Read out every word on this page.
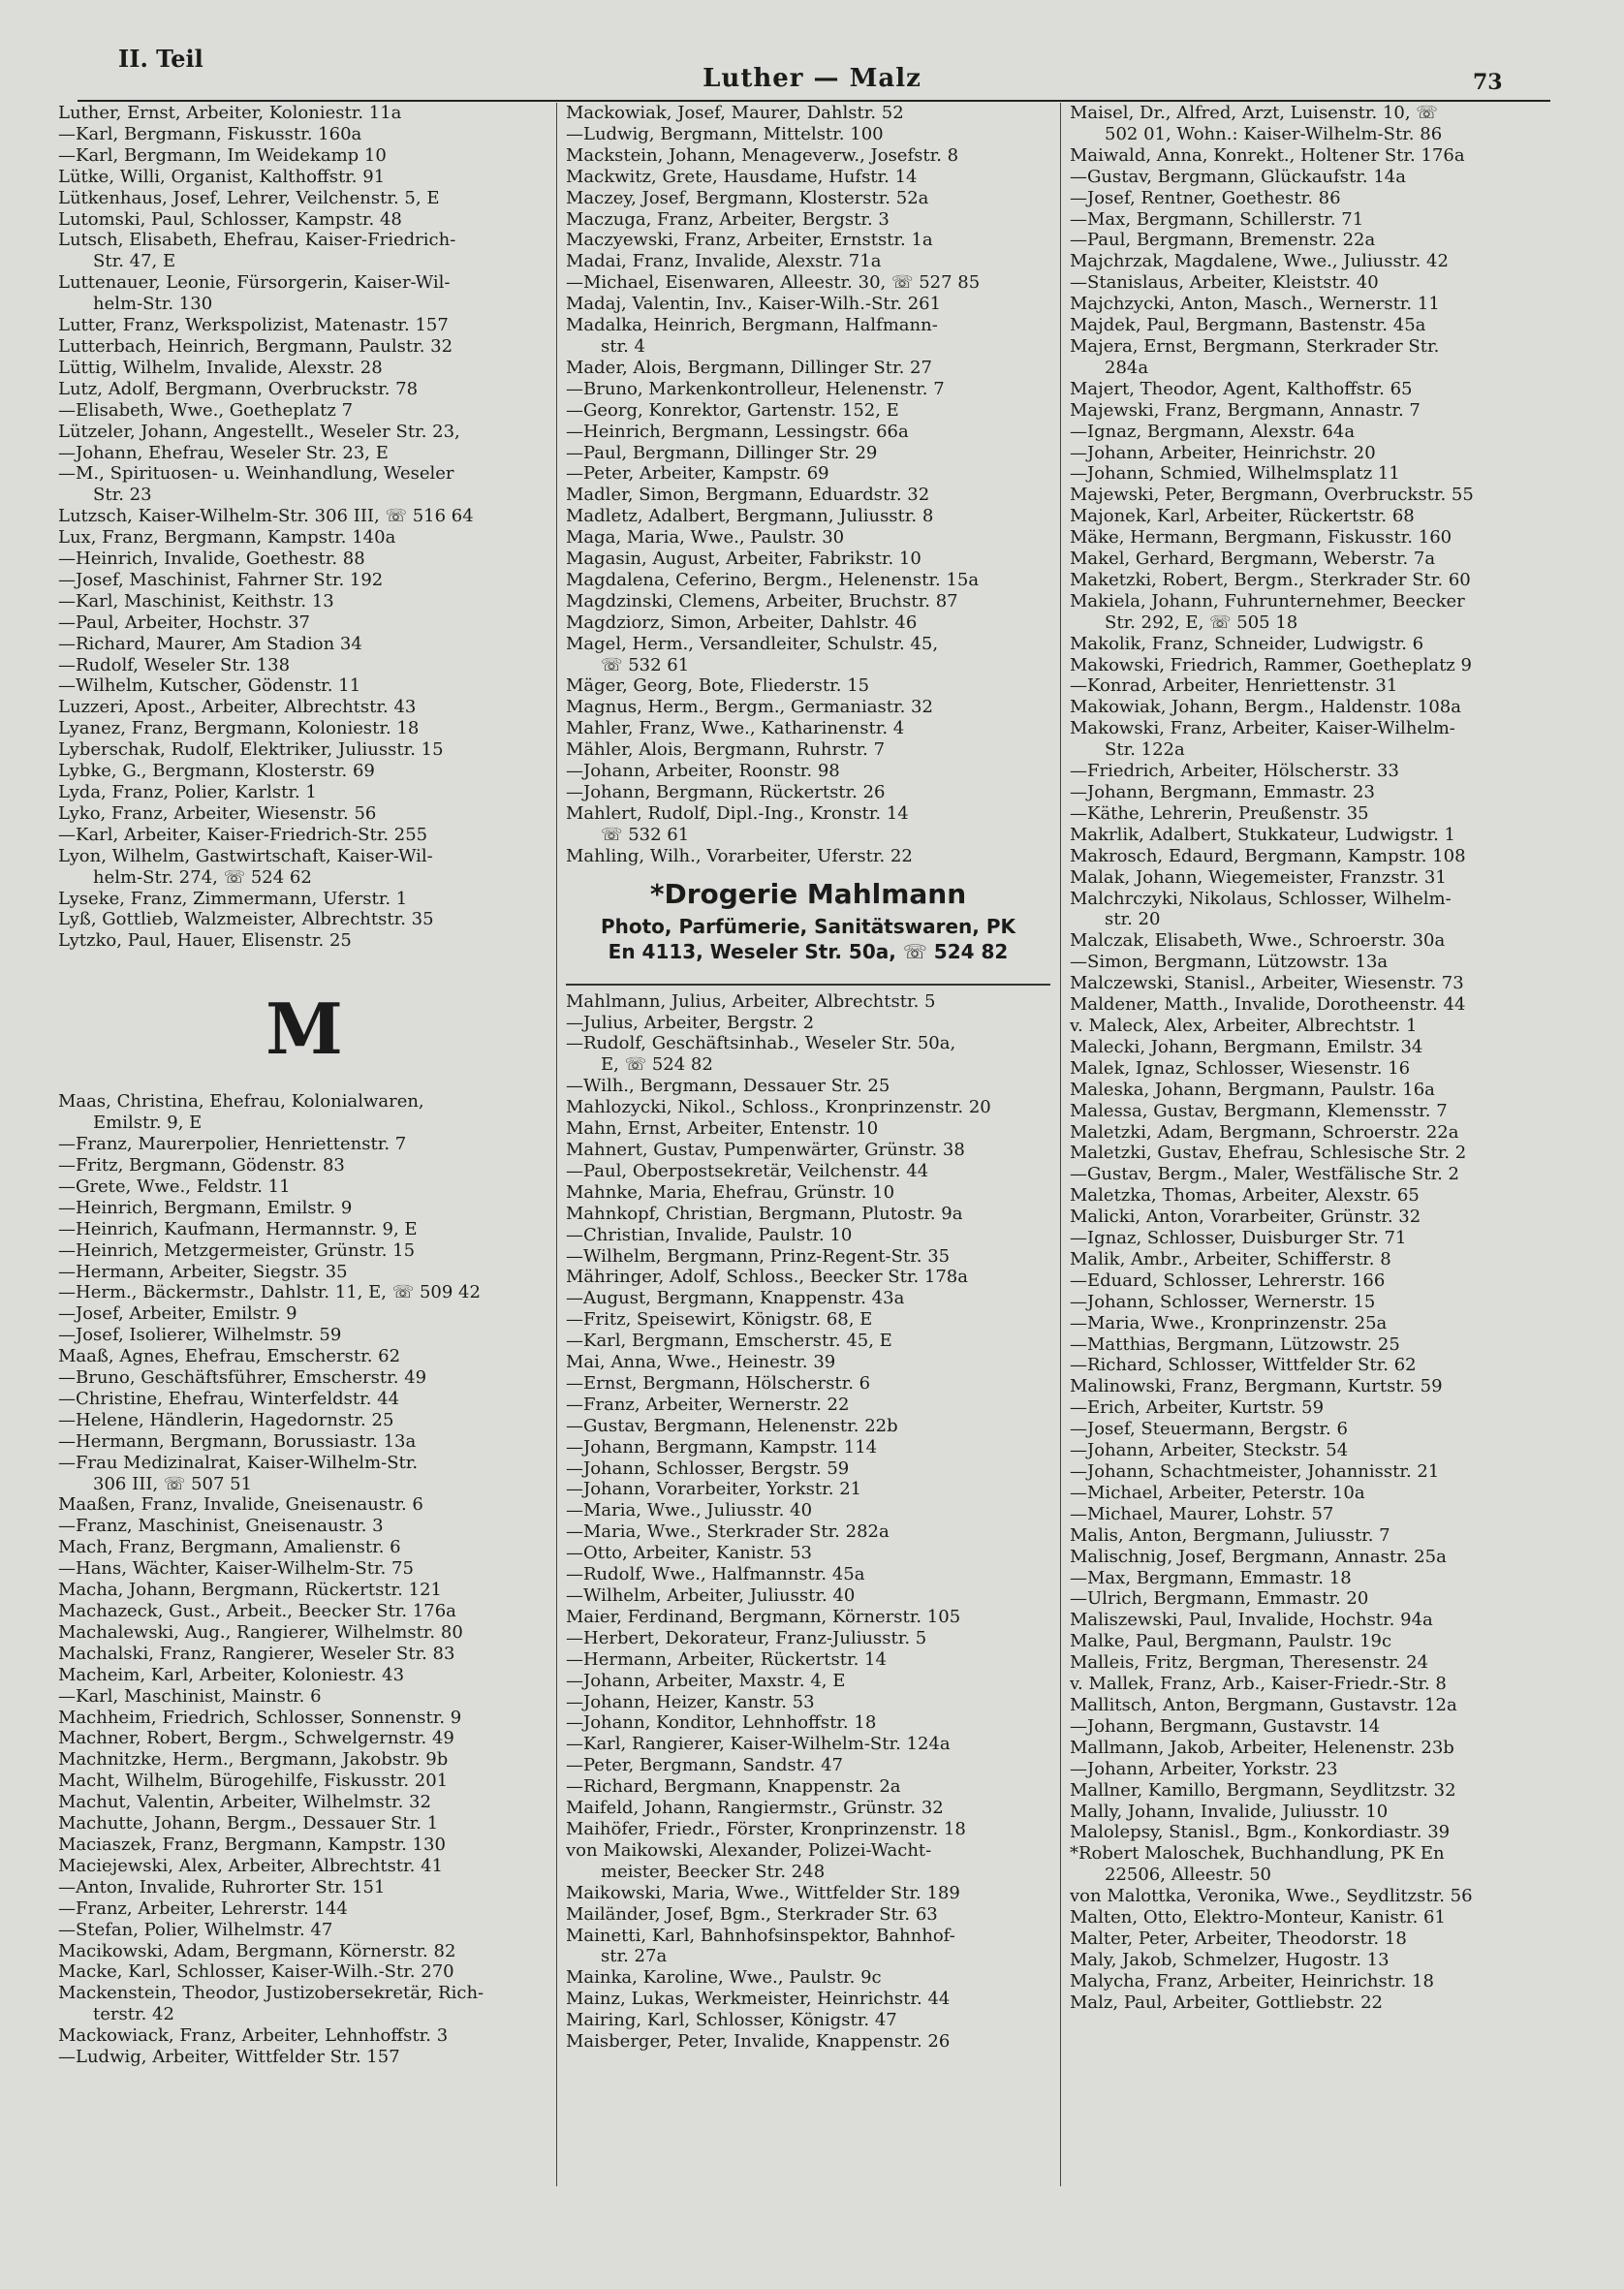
II. Teil
Luther — Malz	73
Luther, Ernst, Arbeiter, Koloniestr. 11a
—Karl, Bergmann, Fiskusstr. 160a
—Karl, Bergmann, Im Weidekamp 10
Lütke, Willi, Organist, Kalthoffstr. 91
Lütkenhaus, Josef, Lehrer, Veilchenstr. 5, E
Lutomski, Paul, Schlosser, Kampstr. 48
Lutsch, Elisabeth, Ehefrau, Kaiser-Friedrich-
Str. 47, E
Luttenauer, Leonie, Fürsorgerin, Kaiser-Wil-
helm-Str. 130
Lutter, Franz, Werkspolizist, Matenastr. 157
Lutterbach, Heinrich, Bergmann, Paulstr. 32
Lüttig, Wilhelm, Invalide, Alexstr. 28
Lutz, Adolf, Bergmann, Overbruckstr. 78
—Elisabeth, Wwe., Goetheplatz 7
Lützeler, Johann, Angestellt., Weseler Str. 23,
—Johann, Ehefrau, Weseler Str. 23, E
—M., Spirituosen- u. Weinhandlung, Weseler
Str. 23
Lutzsch, Kaiser-Wilhelm-Str. 306 III, ☏ 516 64
Lux, Franz, Bergmann, Kampstr. 140a
—Heinrich, Invalide, Goethestr. 88
—Josef, Maschinist, Fahrner Str. 192
—Karl, Maschinist, Keithstr. 13
—Paul, Arbeiter, Hochstr. 37
—Richard, Maurer, Am Stadion 34
—Rudolf, Weseler Str. 138
—Wilhelm, Kutscher, Gödenstr. 11
Luzzeri, Apost., Arbeiter, Albrechtstr. 43
Lyanez, Franz, Bergmann, Koloniestr. 18
Lyberschak, Rudolf, Elektriker, Juliusstr. 15
Lybke, G., Bergmann, Klosterstr. 69
Lyda, Franz, Polier, Karlstr. 1
Lyko, Franz, Arbeiter, Wiesenstr. 56
—Karl, Arbeiter, Kaiser-Friedrich-Str. 255
Lyon, Wilhelm, Gastwirtschaft, Kaiser-Wil-
helm-Str. 274, ☏ 524 62
Lyseke, Franz, Zimmermann, Uferstr. 1
Lyß, Gottlieb, Walzmeister, Albrechtstr. 35
Lytzko, Paul, Hauer, Elisenstr. 25
M
Maas, Christina, Ehefrau, Kolonialwaren,
Emilstr. 9, E
—Franz, Maurerpolier, Henriettenstr. 7
—Fritz, Bergmann, Gödenstr. 83
—Grete, Wwe., Feldstr. 11
—Heinrich, Bergmann, Emilstr. 9
—Heinrich, Kaufmann, Hermannstr. 9, E
—Heinrich, Metzgermeister, Grünstr. 15
—Hermann, Arbeiter, Siegstr. 35
—Herm., Bäckermstr., Dahlstr. 11, E, ☏ 509 42
—Josef, Arbeiter, Emilstr. 9
—Josef, Isolierer, Wilhelmstr. 59
Maaß, Agnes, Ehefrau, Emscherstr. 62
—Bruno, Geschäftsführer, Emscherstr. 49
—Christine, Ehefrau, Winterfeldstr. 44
—Helene, Händlerin, Hagedornstr. 25
—Hermann, Bergmann, Borussiastr. 13a
—Frau Medizinalrat, Kaiser-Wilhelm-Str.
306 III, ☏ 507 51
Maaßen, Franz, Invalide, Gneisenaustr. 6
—Franz, Maschinist, Gneisenaustr. 3
Mach, Franz, Bergmann, Amalienstr. 6
—Hans, Wächter, Kaiser-Wilhelm-Str. 75
Macha, Johann, Bergmann, Rückertstr. 121
Machazeck, Gust., Arbeit., Beecker Str. 176a
Machalewski, Aug., Rangierer, Wilhelmstr. 80
Machalski, Franz, Rangierer, Weseler Str. 83
Macheim, Karl, Arbeiter, Koloniestr. 43
—Karl, Maschinist, Mainstr. 6
Machheim, Friedrich, Schlosser, Sonnenstr. 9
Machner, Robert, Bergm., Schwelgernstr. 49
Machnitzke, Herm., Bergmann, Jakobstr. 9b
Macht, Wilhelm, Bürogehilfe, Fiskusstr. 201
Machut, Valentin, Arbeiter, Wilhelmstr. 32
Machutte, Johann, Bergm., Dessauer Str. 1
Maciaszek, Franz, Bergmann, Kampstr. 130
Maciejewski, Alex, Arbeiter, Albrechtstr. 41
—Anton, Invalide, Ruhrorter Str. 151
—Franz, Arbeiter, Lehrerstr. 144
—Stefan, Polier, Wilhelmstr. 47
Macikowski, Adam, Bergmann, Körnerstr. 82
Macke, Karl, Schlosser, Kaiser-Wilh.-Str. 270
Mackenstein, Theodor, Justizobersekretär, Rich-
terstr. 42
Mackowiack, Franz, Arbeiter, Lehnhoffstr. 3
—Ludwig, Arbeiter, Wittfelder Str. 157
Mackowiak, Josef, Maurer, Dahlstr. 52
—Ludwig, Bergmann, Mittelstr. 100
Mackstein, Johann, Menageverw., Josefstr. 8
Mackwitz, Grete, Hausdame, Hufstr. 14
Maczey, Josef, Bergmann, Klosterstr. 52a
Maczuga, Franz, Arbeiter, Bergstr. 3
Maczyewski, Franz, Arbeiter, Ernststr. 1a
Madai, Franz, Invalide, Alexstr. 71a
—Michael, Eisenwaren, Alleestr. 30, ☏ 527 85
Madaj, Valentin, Inv., Kaiser-Wilh.-Str. 261
Madalka, Heinrich, Bergmann, Halfmann-
str. 4
Mader, Alois, Bergmann, Dillinger Str. 27
—Bruno, Markenkontrolleur, Helenenstr. 7
—Georg, Konrektor, Gartenstr. 152, E
—Heinrich, Bergmann, Lessingstr. 66a
—Paul, Bergmann, Dillinger Str. 29
—Peter, Arbeiter, Kampstr. 69
Madler, Simon, Bergmann, Eduardstr. 32
Madletz, Adalbert, Bergmann, Juliusstr. 8
Maga, Maria, Wwe., Paulstr. 30
Magasin, August, Arbeiter, Fabrikstr. 10
Magdalena, Ceferino, Bergm., Helenenstr. 15a
Magdzinski, Clemens, Arbeiter, Bruchstr. 87
Magdziorz, Simon, Arbeiter, Dahlstr. 46
Magel, Herm., Versandleiter, Schulstr. 45,
☏ 532 61
Mäger, Georg, Bote, Fliederstr. 15
Magnus, Herm., Bergm., Germaniastr. 32
Mahler, Franz, Wwe., Katharinenstr. 4
Mähler, Alois, Bergmann, Ruhrstr. 7
—Johann, Arbeiter, Roonstr. 98
—Johann, Bergmann, Rückertstr. 26
Mahlert, Rudolf, Dipl.-Ing., Kronstr. 14
☏ 532 61
Mahling, Wilh., Vorarbeiter, Uferstr. 22
*Drogerie Mahlmann
Photo, Parfümerie, Sanitätswaren, PK
En 4113, Weseler Str. 50a, ☏ 524 82
Mahlmann, Julius, Arbeiter, Albrechtstr. 5
—Julius, Arbeiter, Bergstr. 2
—Rudolf, Geschäftsinhab., Weseler Str. 50a,
E, ☏ 524 82
—Wilh., Bergmann, Dessauer Str. 25
Mahlozycki, Nikol., Schloss., Kronprinzenstr. 20
Mahn, Ernst, Arbeiter, Entenstr. 10
Mahnert, Gustav, Pumpenwärter, Grünstr. 38
—Paul, Oberpostsekretär, Veilchenstr. 44
Mahnke, Maria, Ehefrau, Grünstr. 10
Mahnkopf, Christian, Bergmann, Plutostr. 9a
—Christian, Invalide, Paulstr. 10
—Wilhelm, Bergmann, Prinz-Regent-Str. 35
Mähringer, Adolf, Schloss., Beecker Str. 178a
—August, Bergmann, Knappenstr. 43a
—Fritz, Speisewirt, Königstr. 68, E
—Karl, Bergmann, Emscherstr. 45, E
Mai, Anna, Wwe., Heinestr. 39
—Ernst, Bergmann, Hölscherstr. 6
—Franz, Arbeiter, Wernerstr. 22
—Gustav, Bergmann, Helenenstr. 22b
—Johann, Bergmann, Kampstr. 114
—Johann, Schlosser, Bergstr. 59
—Johann, Vorarbeiter, Yorkstr. 21
—Maria, Wwe., Juliusstr. 40
—Maria, Wwe., Sterkrader Str. 282a
—Otto, Arbeiter, Kanistr. 53
—Rudolf, Wwe., Halfmannstr. 45a
—Wilhelm, Arbeiter, Juliusstr. 40
Maier, Ferdinand, Bergmann, Körnerstr. 105
—Herbert, Dekorateur, Franz-Juliusstr. 5
—Hermann, Arbeiter, Rückertstr. 14
—Johann, Arbeiter, Maxstr. 4, E
—Johann, Heizer, Kanstr. 53
—Johann, Konditor, Lehnhoffstr. 18
—Karl, Rangierer, Kaiser-Wilhelm-Str. 124a
—Peter, Bergmann, Sandstr. 47
—Richard, Bergmann, Knappenstr. 2a
Maifeld, Johann, Rangiermstr., Grünstr. 32
Maihöfer, Friedr., Förster, Kronprinzenstr. 18
von Maikowski, Alexander, Polizei-Wacht-
meister, Beecker Str. 248
Maikowski, Maria, Wwe., Wittfelder Str. 189
Mailänder, Josef, Bgm., Sterkrader Str. 63
Mainetti, Karl, Bahnhofsinspektor, Bahnhof-
str. 27a
Mainka, Karoline, Wwe., Paulstr. 9c
Mainz, Lukas, Werkmeister, Heinrichstr. 44
Mairing, Karl, Schlosser, Königstr. 47
Maisberger, Peter, Invalide, Knappenstr. 26
Maisel, Dr., Alfred, Arzt, Luisenstr. 10, ☏
502 01, Wohn.: Kaiser-Wilhelm-Str. 86
Maiwald, Anna, Konrekt., Holtener Str. 176a
—Gustav, Bergmann, Glückaufstr. 14a
—Josef, Rentner, Goethestr. 86
—Max, Bergmann, Schillerstr. 71
—Paul, Bergmann, Bremenstr. 22a
Majchrzak, Magdalene, Wwe., Juliusstr. 42
—Stanislaus, Arbeiter, Kleiststr. 40
Majchzycki, Anton, Masch., Wernerstr. 11
Majdek, Paul, Bergmann, Bastenstr. 45a
Majera, Ernst, Bergmann, Sterkrader Str.
284a
Majert, Theodor, Agent, Kalthoffstr. 65
Majewski, Franz, Bergmann, Annastr. 7
—Ignaz, Bergmann, Alexstr. 64a
—Johann, Arbeiter, Heinrichstr. 20
—Johann, Schmied, Wilhelmsplatz 11
Majewski, Peter, Bergmann, Overbruckstr. 55
Majonek, Karl, Arbeiter, Rückertstr. 68
Mäke, Hermann, Bergmann, Fiskusstr. 160
Makel, Gerhard, Bergmann, Weberstr. 7a
Maketzki, Robert, Bergm., Sterkrader Str. 60
Makiela, Johann, Fuhrunternehmer, Beecker
Str. 292, E, ☏ 505 18
Makolik, Franz, Schneider, Ludwigstr. 6
Makowski, Friedrich, Rammer, Goetheplatz 9
—Konrad, Arbeiter, Henriettenstr. 31
Makowiak, Johann, Bergm., Haldenstr. 108a
Makowski, Franz, Arbeiter, Kaiser-Wilhelm-
Str. 122a
—Friedrich, Arbeiter, Hölscherstr. 33
—Johann, Bergmann, Emmastr. 23
—Käthe, Lehrerin, Preußenstr. 35
Makrlik, Adalbert, Stukkateur, Ludwigstr. 1
Makrosch, Edaurd, Bergmann, Kampstr. 108
Malak, Johann, Wiegemeister, Franzstr. 31
Malchrczyki, Nikolaus, Schlosser, Wilhelm-
str. 20
Malczak, Elisabeth, Wwe., Schroerstr. 30a
—Simon, Bergmann, Lützowstr. 13a
Malczewski, Stanisl., Arbeiter, Wiesenstr. 73
Maldener, Matth., Invalide, Dorotheenstr. 44
v. Maleck, Alex, Arbeiter, Albrechtstr. 1
Malecki, Johann, Bergmann, Emilstr. 34
Malek, Ignaz, Schlosser, Wiesenstr. 16
Maleska, Johann, Bergmann, Paulstr. 16a
Malessa, Gustav, Bergmann, Klemensstr. 7
Maletzki, Adam, Bergmann, Schroerstr. 22a
Maletzki, Gustav, Ehefrau, Schlesische Str. 2
—Gustav, Bergm., Maler, Westfälische Str. 2
Maletzka, Thomas, Arbeiter, Alexstr. 65
Malicki, Anton, Vorarbeiter, Grünstr. 32
—Ignaz, Schlosser, Duisburger Str. 71
Malik, Ambr., Arbeiter, Schifferstr. 8
—Eduard, Schlosser, Lehrerstr. 166
—Johann, Schlosser, Wernerstr. 15
—Maria, Wwe., Kronprinzenstr. 25a
—Matthias, Bergmann, Lützowstr. 25
—Richard, Schlosser, Wittfelder Str. 62
Malinowski, Franz, Bergmann, Kurtstr. 59
—Erich, Arbeiter, Kurtstr. 59
—Josef, Steuermann, Bergstr. 6
—Johann, Arbeiter, Steckstr. 54
—Johann, Schachtmeister, Johannisstr. 21
—Michael, Arbeiter, Peterstr. 10a
—Michael, Maurer, Lohstr. 57
Malis, Anton, Bergmann, Juliusstr. 7
Malischnig, Josef, Bergmann, Annastr. 25a
—Max, Bergmann, Emmastr. 18
—Ulrich, Bergmann, Emmastr. 20
Maliszewski, Paul, Invalide, Hochstr. 94a
Malke, Paul, Bergmann, Paulstr. 19c
Malleis, Fritz, Bergman, Theresenstr. 24
v. Mallek, Franz, Arb., Kaiser-Friedr.-Str. 8
Mallitsch, Anton, Bergmann, Gustavstr. 12a
—Johann, Bergmann, Gustavstr. 14
Mallmann, Jakob, Arbeiter, Helenenstr. 23b
—Johann, Arbeiter, Yorkstr. 23
Mallner, Kamillo, Bergmann, Seydlitzstr. 32
Mally, Johann, Invalide, Juliusstr. 10
Malolepsy, Stanisl., Bgm., Konkordiastr. 39
*Robert Maloschek, Buchhandlung, PK En
22506, Alleestr. 50
von Malottka, Veronika, Wwe., Seydlitzstr. 56
Malten, Otto, Elektro-Monteur, Kanistr. 61
Malter, Peter, Arbeiter, Theodorstr. 18
Maly, Jakob, Schmelzer, Hugostr. 13
Malycha, Franz, Arbeiter, Heinrichstr. 18
Malz, Paul, Arbeiter, Gottliebstr. 22
